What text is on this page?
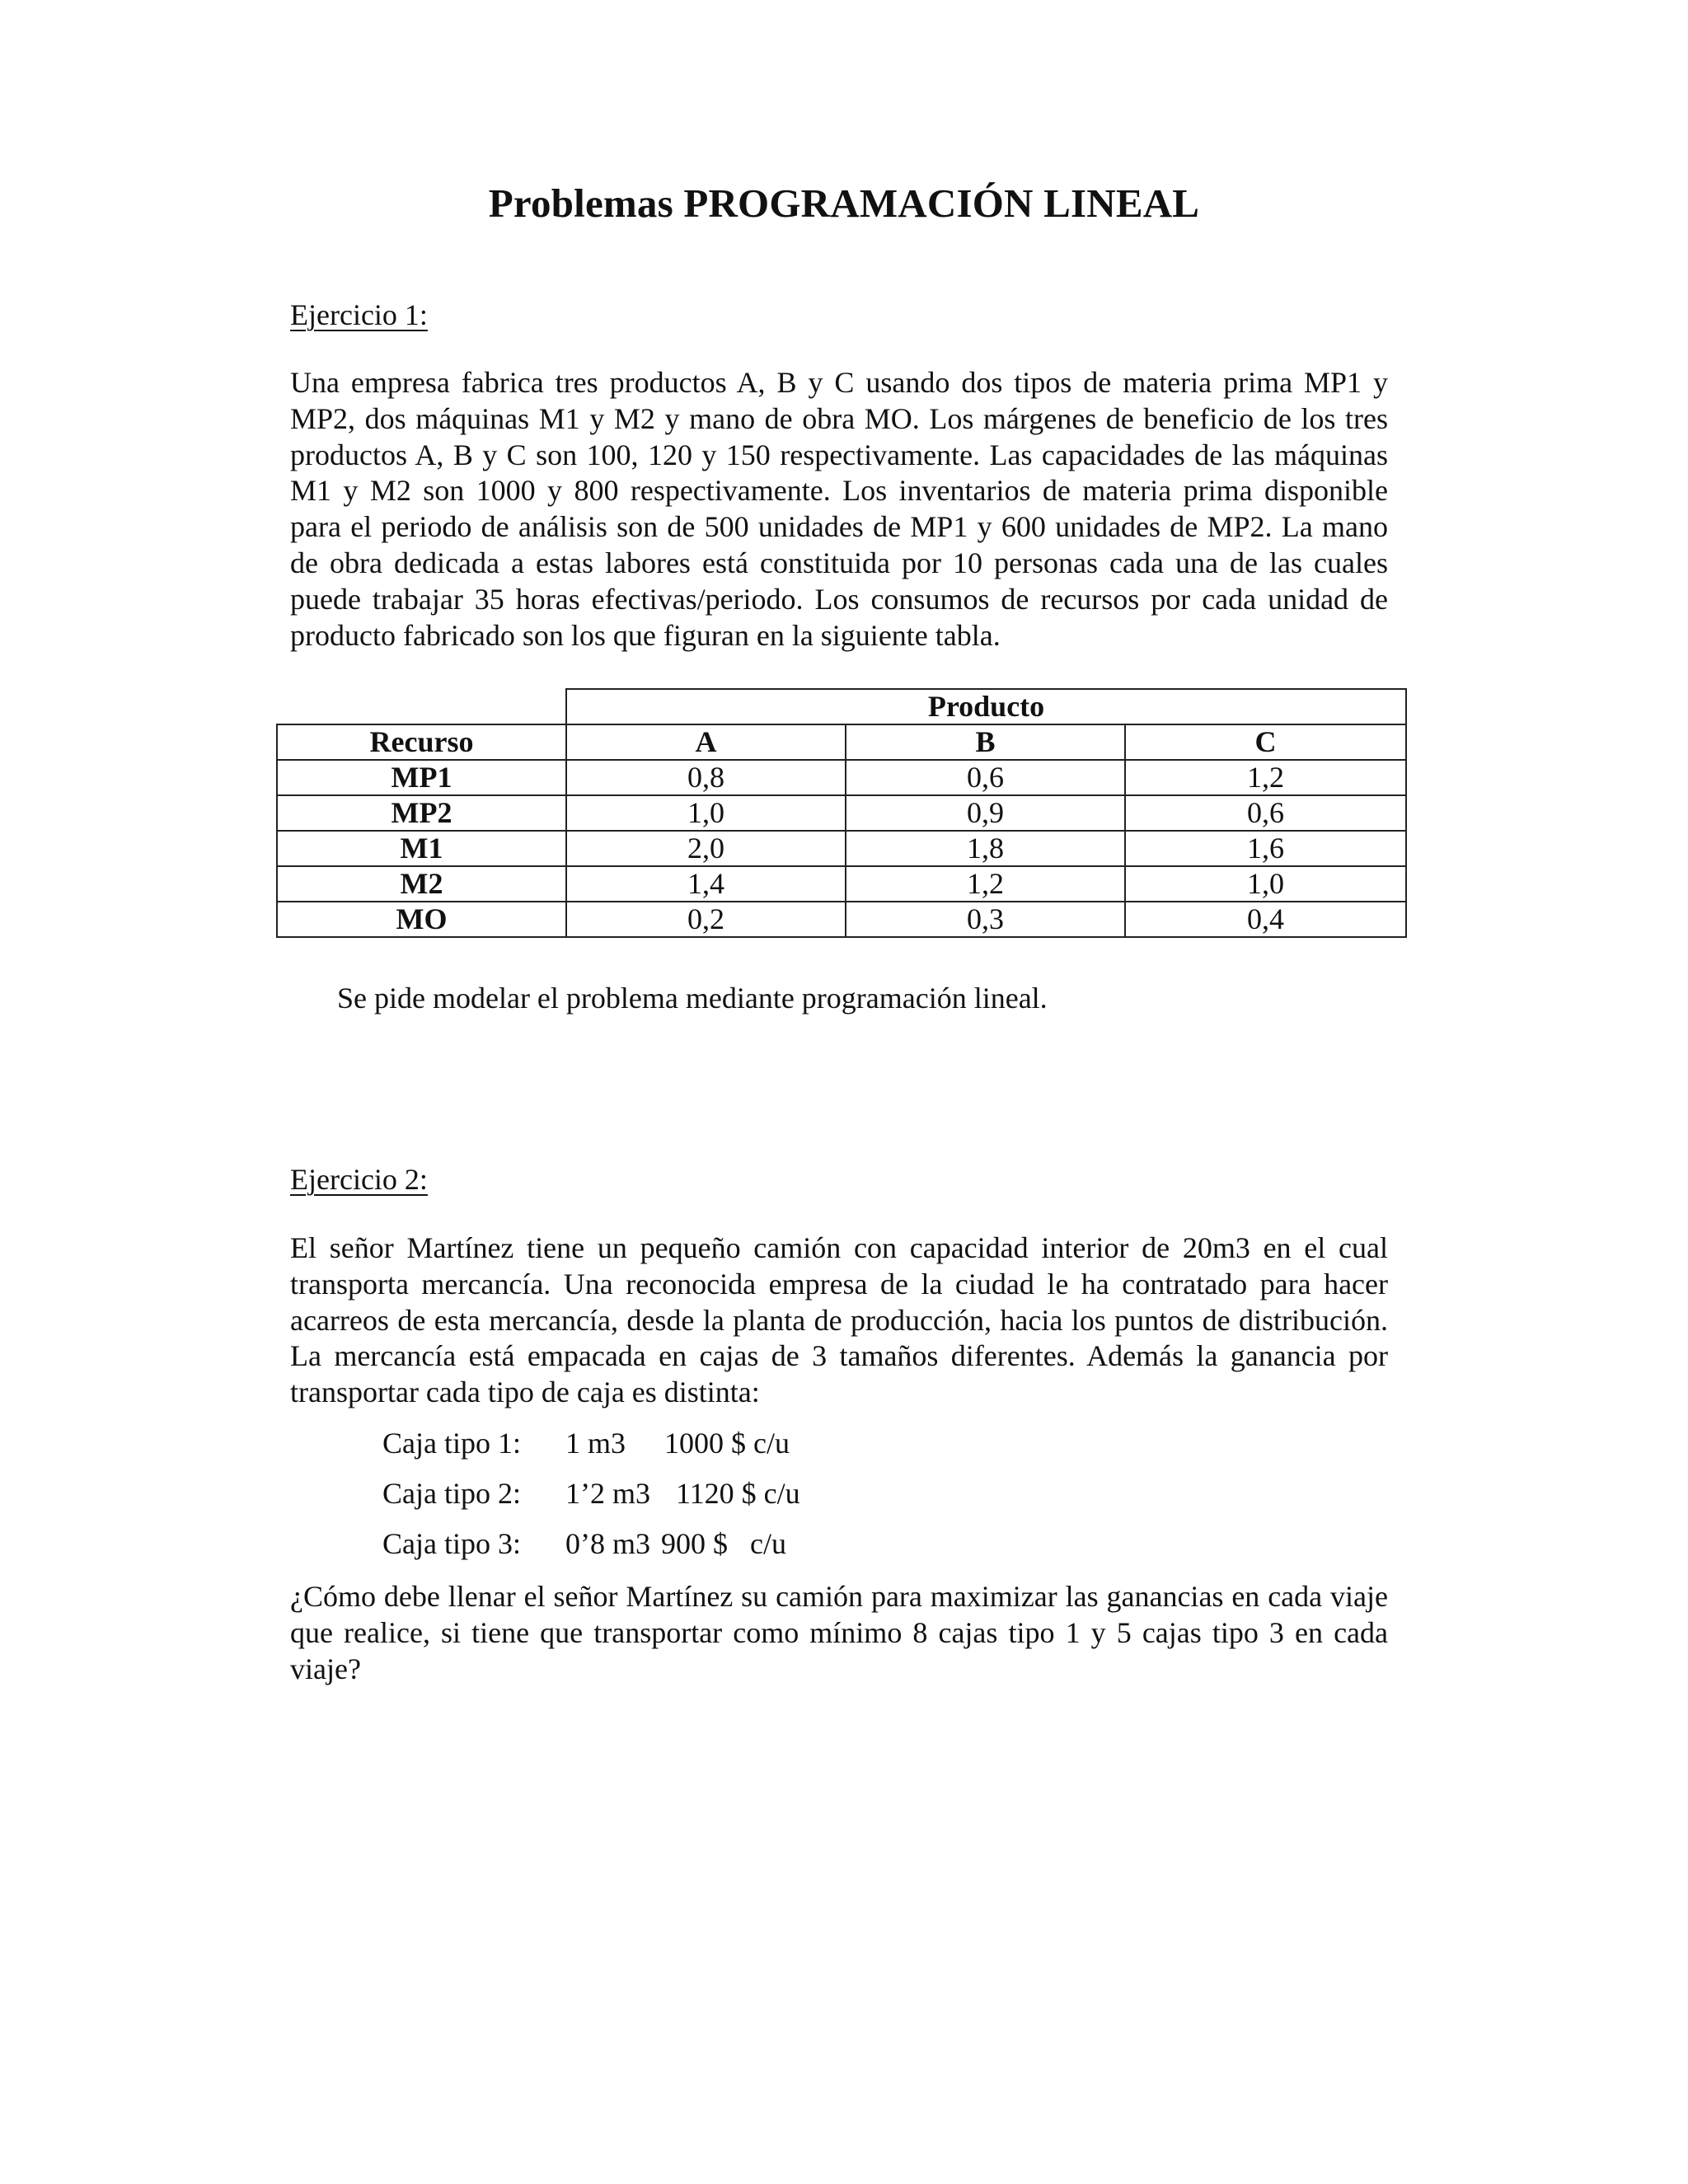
Problemas PROGRAMACIÓN LINEAL
Ejercicio 1:
Una empresa fabrica tres productos A, B y C usando dos tipos de materia prima MP1 y MP2, dos máquinas M1 y M2 y mano de obra MO. Los márgenes de beneficio de los tres productos A, B y C son 100, 120 y 150 respectivamente. Las capacidades de las máquinas M1 y M2 son 1000 y 800 respectivamente. Los inventarios de materia prima disponible para el periodo de análisis son de 500 unidades de MP1 y 600 unidades de MP2. La mano de obra dedicada a estas labores está constituida por 10 personas cada una de las cuales puede trabajar 35 horas efectivas/periodo. Los consumos de recursos por cada unidad de producto fabricado son los que figuran en la siguiente tabla.
	Producto		
Recurso	A	B	C
MP1	0,8	0,6	1,2
MP2	1,0	0,9	0,6
M1	2,0	1,8	1,6
M2	1,4	1,2	1,0
MO	0,2	0,3	0,4
Se pide modelar el problema mediante programación lineal.
Ejercicio 2:
El señor Martínez tiene un pequeño camión con capacidad interior de 20m3 en el cual transporta mercancía. Una reconocida empresa de la ciudad le ha contratado para hacer acarreos de esta mercancía, desde la planta de producción, hacia los puntos de distribución. La mercancía está empacada en cajas de 3 tamaños diferentes. Además la ganancia por transportar cada tipo de caja es distinta:
Caja tipo 1: 1 m3 1000 $ c/u
Caja tipo 2: 1’2 m3 1120 $ c/u
Caja tipo 3: 0’8 m3 900 $   c/u
¿Cómo debe llenar el señor Martínez su camión para maximizar las ganancias en cada viaje que realice, si tiene que transportar como mínimo 8 cajas tipo 1 y 5 cajas tipo 3 en cada viaje?
